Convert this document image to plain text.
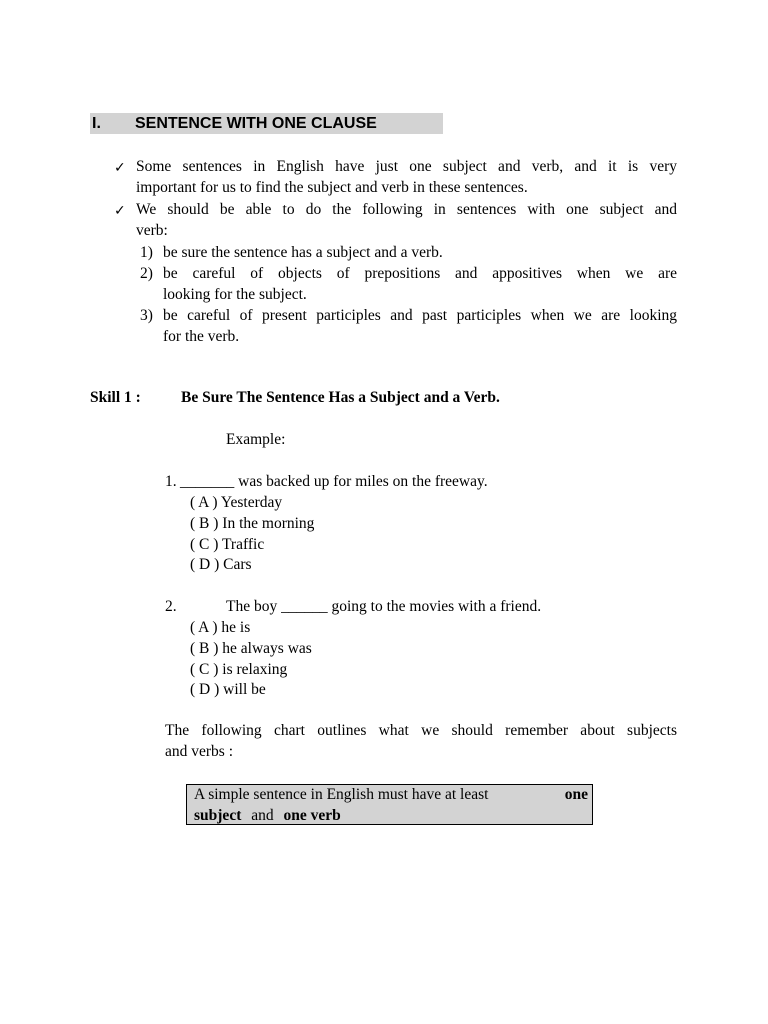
I. SENTENCE WITH ONE CLAUSE
✓ Some sentences in English have just one subject and verb, and it is very
important for us to find the subject and verb in these sentences.
✓ We should be able to do the following in sentences with one subject and
verb:
1) be sure the sentence has a subject and a verb.
2) be careful of objects of prepositions and appositives when we are
looking for the subject.
3) be careful of present participles and past participles when we are looking
for the verb.
Skill 1 :	Be Sure The Sentence Has a Subject and a Verb.
Example:
1. _______ was backed up for miles on the freeway.
( A ) Yesterday
( B ) In the morning
( C ) Traffic
( D ) Cars
2.	The boy ______ going to the movies with a friend.
( A ) he is
( B ) he always was
( C ) is relaxing
( D ) will be
The following chart outlines what we should remember about subjects
and verbs :
A simple sentence in English must have at least	one
subject and one verb
